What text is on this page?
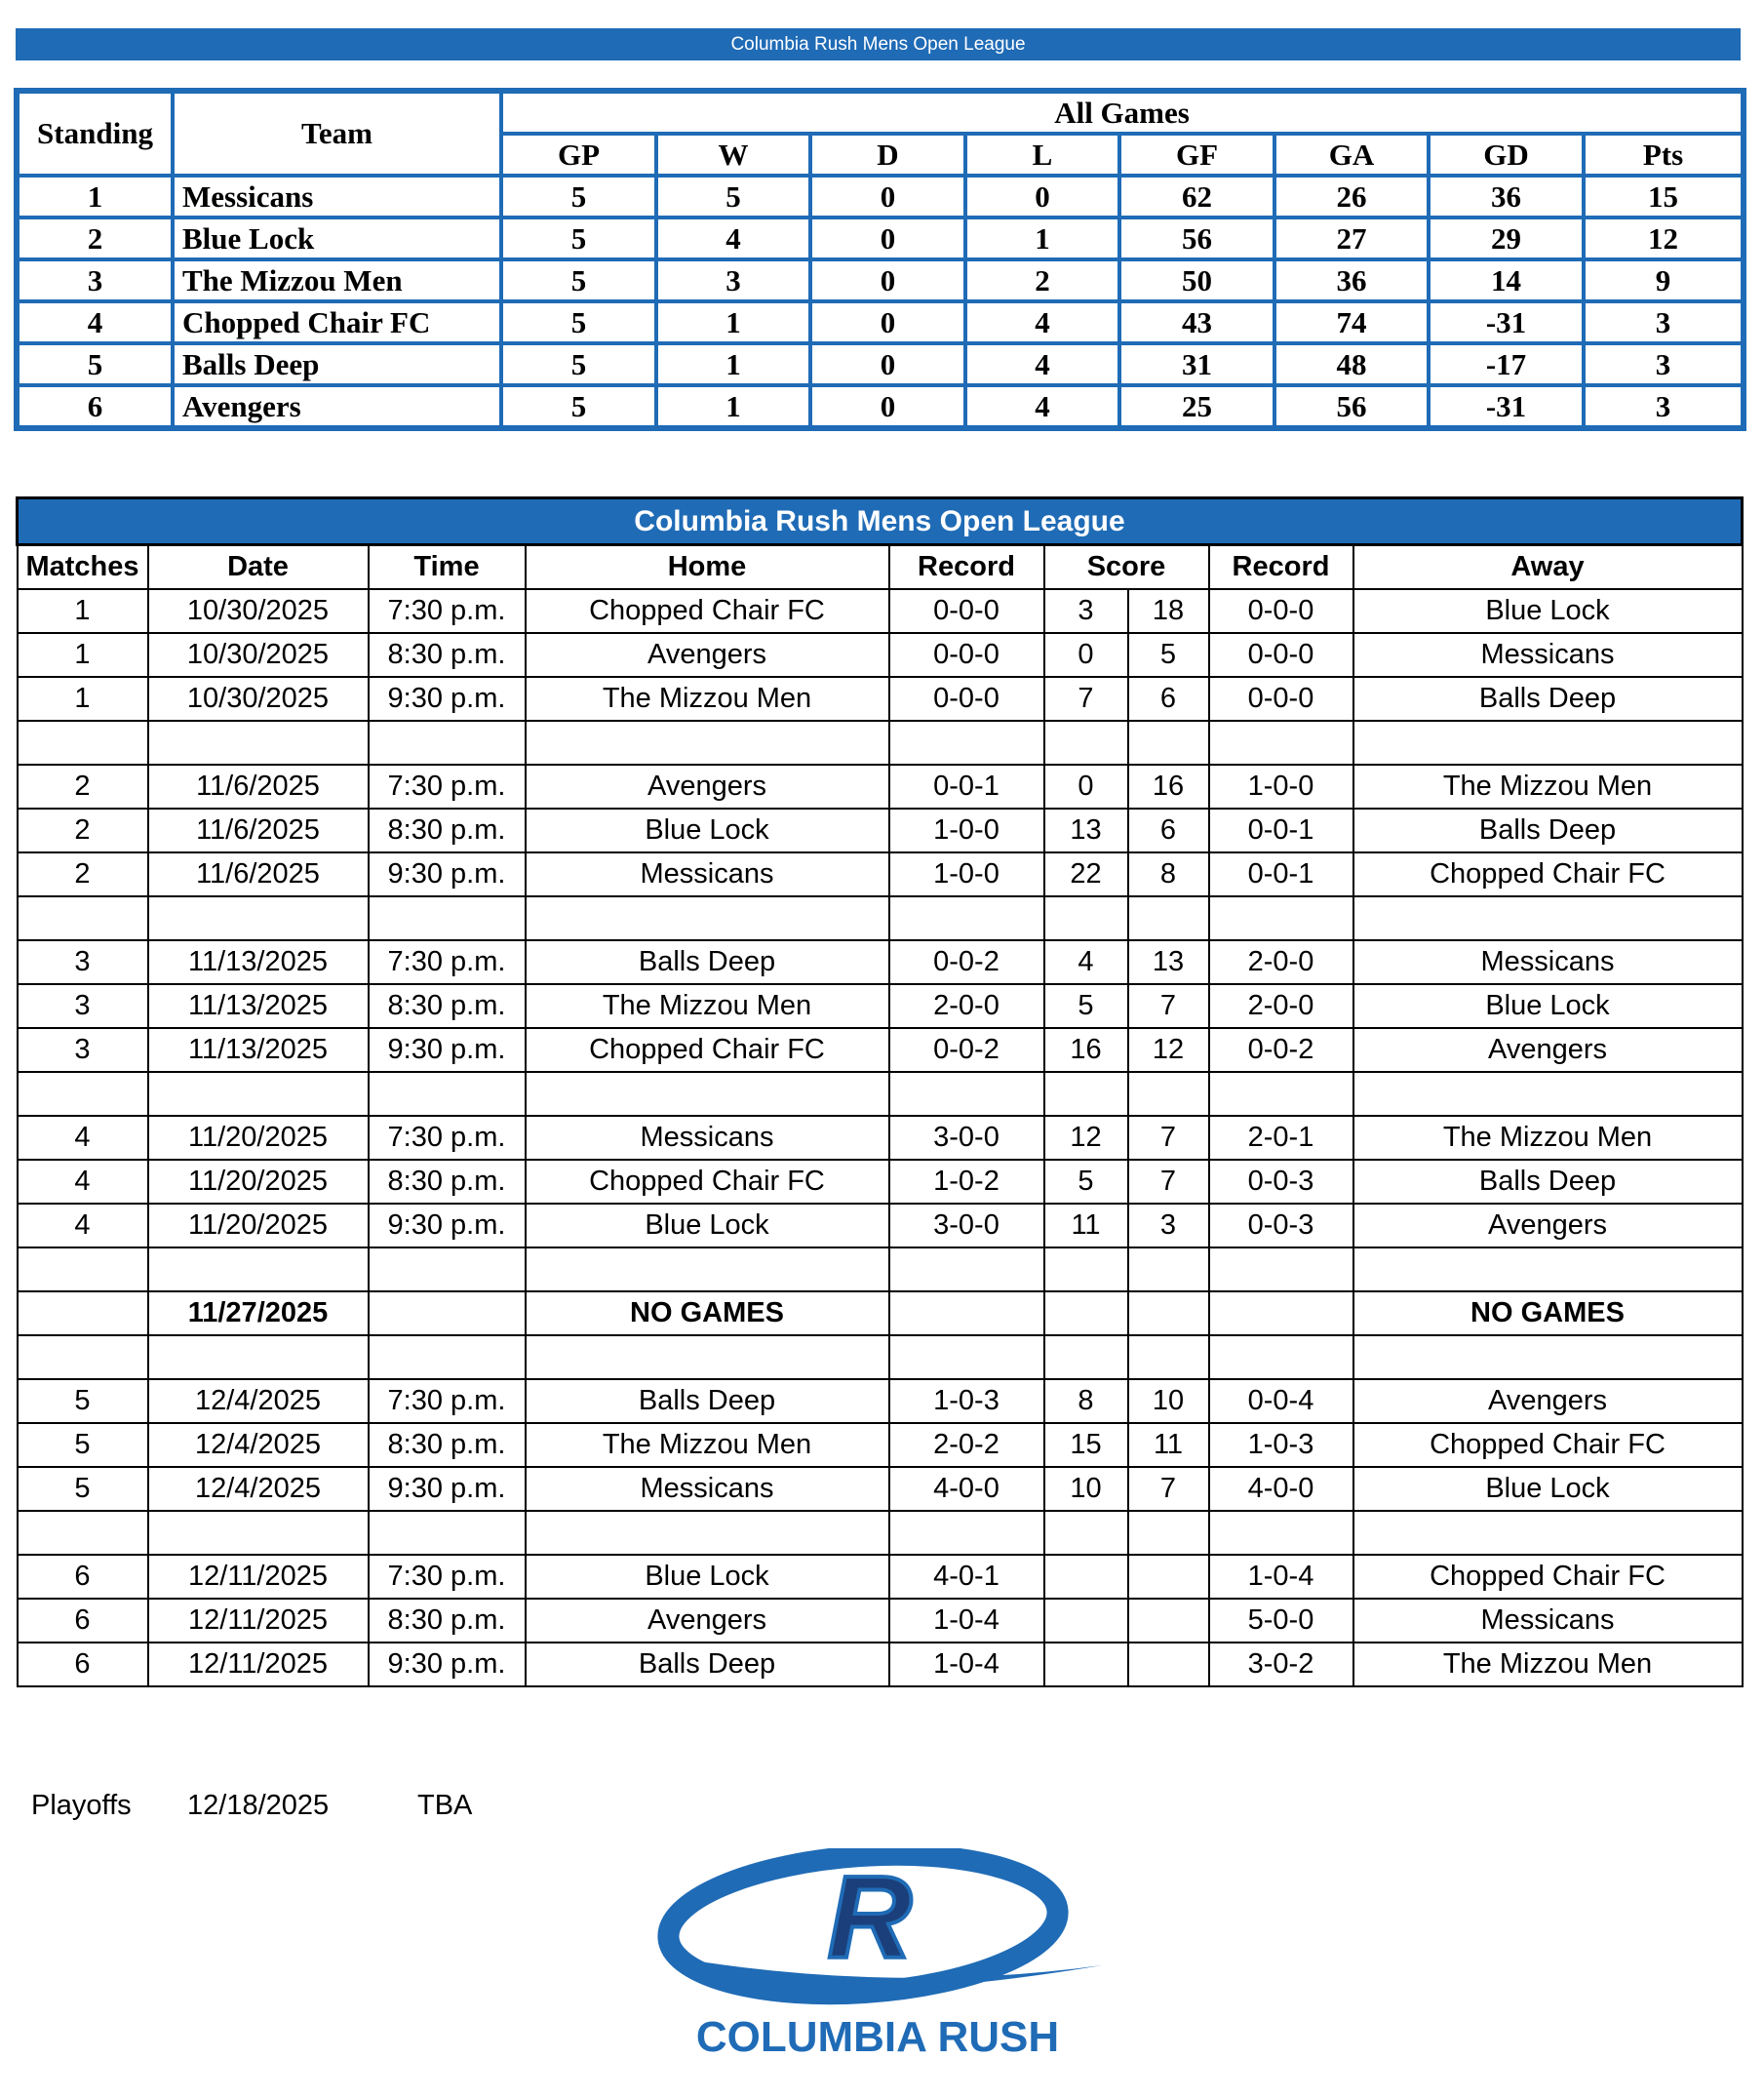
Columbia Rush Mens Open League
Standing	Team	All Games							
		GP	W	D	L	GF	GA	GD	Pts
1	Messicans	5	5	0	0	62	26	36	15
2	Blue Lock	5	4	0	1	56	27	29	12
3	The Mizzou Men	5	3	0	2	50	36	14	9
4	Chopped Chair FC	5	1	0	4	43	74	-31	3
5	Balls Deep	5	1	0	4	31	48	-17	3
6	Avengers	5	1	0	4	25	56	-31	3
Columbia Rush Mens Open League								
Matches	Date	Time	Home	Record	Score		Record	Away
1	10/30/2025	7:30 p.m.	Chopped Chair FC	0-0-0	3	18	0-0-0	Blue Lock
1	10/30/2025	8:30 p.m.	Avengers	0-0-0	0	5	0-0-0	Messicans
1	10/30/2025	9:30 p.m.	The Mizzou Men	0-0-0	7	6	0-0-0	Balls Deep

2	11/6/2025	7:30 p.m.	Avengers	0-0-1	0	16	1-0-0	The Mizzou Men
2	11/6/2025	8:30 p.m.	Blue Lock	1-0-0	13	6	0-0-1	Balls Deep
2	11/6/2025	9:30 p.m.	Messicans	1-0-0	22	8	0-0-1	Chopped Chair FC

3	11/13/2025	7:30 p.m.	Balls Deep	0-0-2	4	13	2-0-0	Messicans
3	11/13/2025	8:30 p.m.	The Mizzou Men	2-0-0	5	7	2-0-0	Blue Lock
3	11/13/2025	9:30 p.m.	Chopped Chair FC	0-0-2	16	12	0-0-2	Avengers

4	11/20/2025	7:30 p.m.	Messicans	3-0-0	12	7	2-0-1	The Mizzou Men
4	11/20/2025	8:30 p.m.	Chopped Chair FC	1-0-2	5	7	0-0-3	Balls Deep
4	11/20/2025	9:30 p.m.	Blue Lock	3-0-0	11	3	0-0-3	Avengers

	11/27/2025		NO GAMES					NO GAMES

5	12/4/2025	7:30 p.m.	Balls Deep	1-0-3	8	10	0-0-4	Avengers
5	12/4/2025	8:30 p.m.	The Mizzou Men	2-0-2	15	11	1-0-3	Chopped Chair FC
5	12/4/2025	9:30 p.m.	Messicans	4-0-0	10	7	4-0-0	Blue Lock

6	12/11/2025	7:30 p.m.	Blue Lock	4-0-1			1-0-4	Chopped Chair FC
6	12/11/2025	8:30 p.m.	Avengers	1-0-4			5-0-0	Messicans
6	12/11/2025	9:30 p.m.	Balls Deep	1-0-4			3-0-2	The Mizzou Men
Playoffs 12/18/2025	TBA
R
COLUMBIA RUSH
